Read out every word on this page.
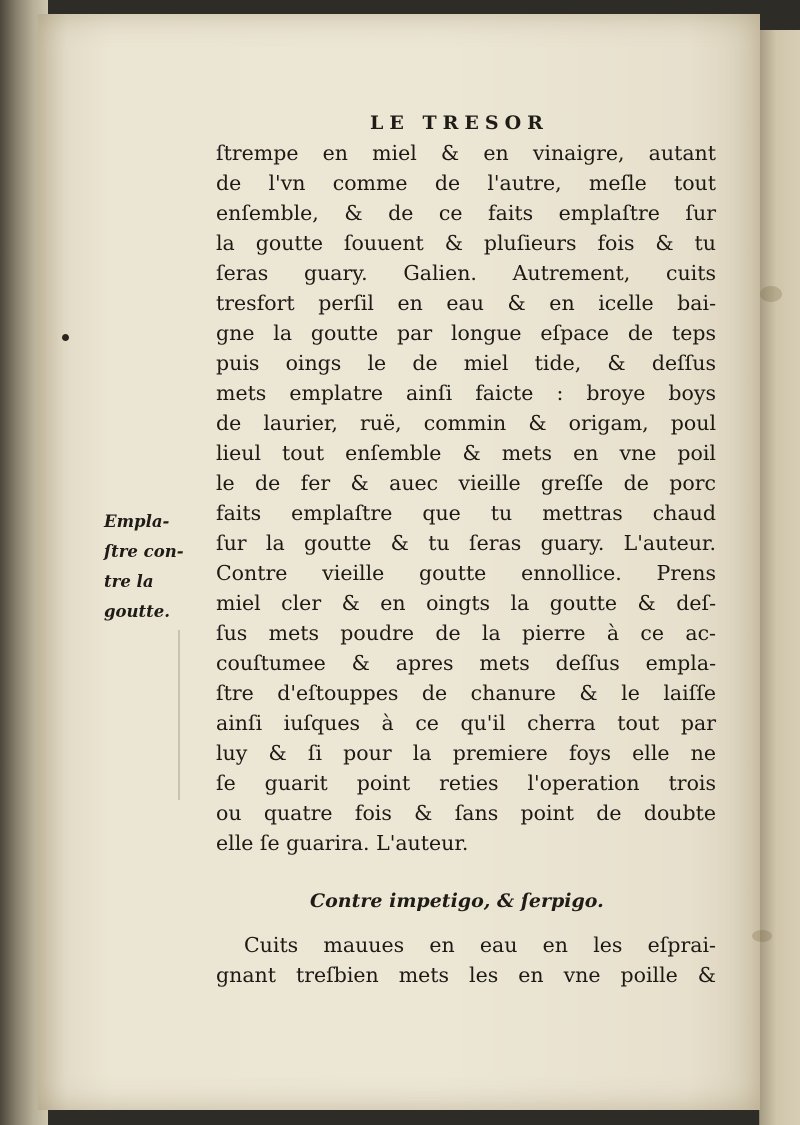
LE TRESOR
ſtrempe en miel & en vinaigre, autant
de l'vn comme de l'autre, meſle tout
enſemble, & de ce faits emplaſtre ſur
la goutte ſouuent & pluſieurs fois & tu
ſeras guary. Galien. Autrement, cuits
tresfort perſil en eau & en icelle bai-
gne la goutte par longue eſpace de teps
puis oings le de miel tide, & deſſus
mets emplatre ainſi faicte : broye boys
de laurier, ruë, commin & origam, poul
lieul tout enſemble & mets en vne poil
le de fer & auec vieille greſſe de porc
faits emplaſtre que tu mettras chaud
ſur la goutte & tu ſeras guary. L'auteur.
Contre vieille goutte ennollice. Prens
miel cler & en oingts la goutte & deſ-
ſus mets poudre de la pierre à ce ac-
couſtumee & apres mets deſſus empla-
ſtre d'eſtouppes de chanure & le laiſſe
ainſi iuſques à ce qu'il cherra tout par
luy & ſi pour la premiere foys elle ne
ſe guarit point reties l'operation trois
ou quatre fois & ſans point de doubte
elle ſe guarira. L'auteur.
Empla-
ſtre con-
tre la
goutte.
Contre impetigo, & ſerpigo.
Cuits mauues en eau en les eſprai-
gnant treſbien mets les en vne poille &
